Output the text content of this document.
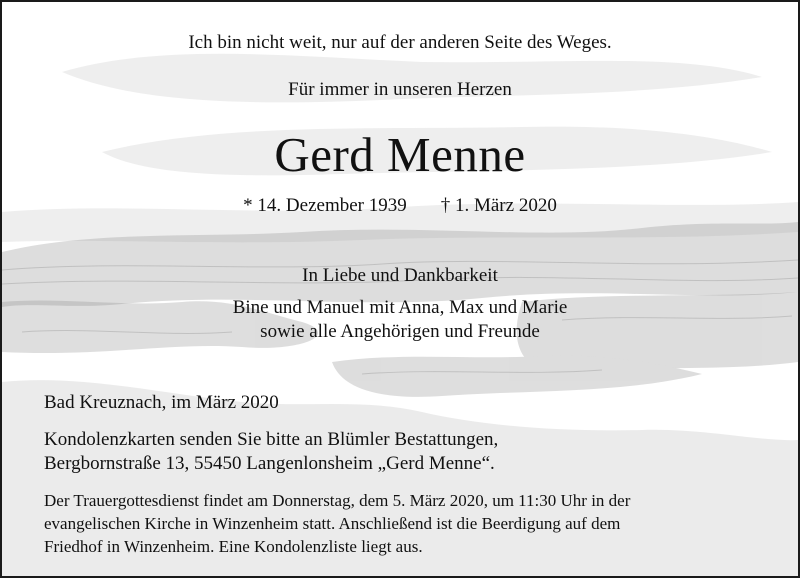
Ich bin nicht weit, nur auf der anderen Seite des Weges.
Für immer in unseren Herzen
Gerd Menne
* 14. Dezember 1939 † 1. März 2020
In Liebe und Dankbarkeit
Bine und Manuel mit Anna, Max und Marie
sowie alle Angehörigen und Freunde
Bad Kreuznach, im März 2020
Kondolenzkarten senden Sie bitte an Blümler Bestattungen,
Bergbornstraße 13, 55450 Langenlonsheim „Gerd Menne“.
Der Trauergottesdienst findet am Donnerstag, dem 5. März 2020, um 11:30 Uhr in der
evangelischen Kirche in Winzenheim statt. Anschließend ist die Beerdigung auf dem
Friedhof in Winzenheim. Eine Kondolenzliste liegt aus.
